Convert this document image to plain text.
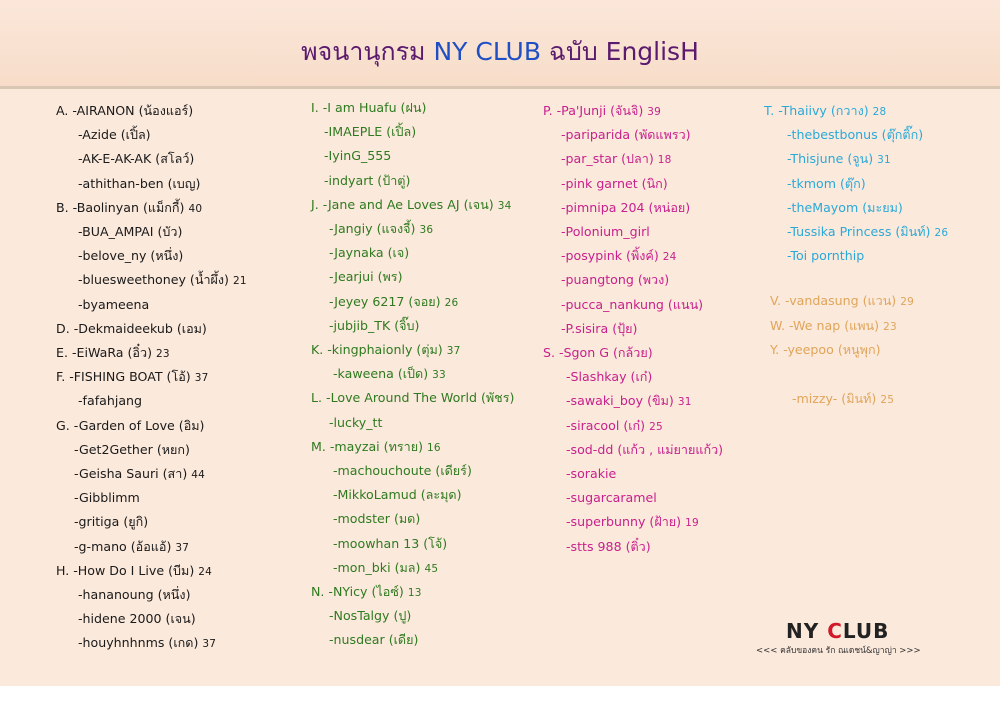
พจนานุกรม NY CLUB ฉบับ EnglisH
A. -AIRANON (น้องแอร์)
-Azide (เปิ้ล)
-AK-E-AK-AK (สโลว์)
-athithan-ben (เบญ)
B. -Baolinyan (แม็กกี้) 40
-BUA_AMPAI (บัว)
-belove_ny (หนึ่ง)
-bluesweethoney (น้ำผึ้ง) 21
-byameena
D. -Dekmaideekub (เอม)
E. -EiWaRa (อิ๋ว) 23
F. -FISHING BOAT (โอ้) 37
-fafahjang
G. -Garden of Love (อิม)
-Get2Gether (หยก)
-Geisha Sauri (สา) 44
-Gibblimm
-gritiga (ยูกิ)
-g-mano (อ้อแอ้) 37
H. -How Do I Live (บีม) 24
-hananoung (หนึ่ง)
-hidene 2000 (เจน)
-houyhnhnms (เกด) 37
I. -I am Huafu (ฝน)
-IMAEPLE (เปิ้ล)
-IyinG_555
-indyart (ป้าตู่)
J. -Jane and Ae Loves AJ (เจน) 34
-Jangiy (แจงจี้) 36
-Jaynaka (เจ)
-Jearjui (พร)
-Jeyey 6217 (จอย) 26
-jubjib_TK (จิ๊บ)
K. -kingphaionly (ตุ่ม) 37
-kaweena (เป็ด) 33
L. -Love Around The World (พัชร)
-lucky_tt
M. -mayzai (ทราย) 16
-machouchoute (เดียร์)
-MikkoLamud (ละมุด)
-modster (มด)
-moowhan 13 (โจ้)
-mon_bki (มล) 45
N. -NYicy (ไอซ์) 13
-NosTalgy (ปู)
-nusdear (เดีย)
P. -Pa'Junji (จันจิ) 39
-pariparida (พัดแพรว)
-par_star (ปลา) 18
-pink garnet (นิก)
-pimnipa 204 (หน่อย)
-Polonium_girl
-posypink (พิ้งค์) 24
-puangtong (พวง)
-pucca_nankung (แนน)
-P.sisira (ปุ้ย)
S. -Sgon G (กล้วย)
-Slashkay (เก๋)
-sawaki_boy (ขิม) 31
-siracool (เก๋) 25
-sod-dd (แก้ว , แม่ยายแก้ว)
-sorakie
-sugarcaramel
-superbunny (ฝ้าย) 19
-stts 988 (ติ๋ว)
T. -Thaiivy (กวาง) 28
-thebestbonus (ตุ๊กติ๊ก)
-Thisjune (จูน) 31
-tkmom (ตุ๊ก)
-theMayom (มะยม)
-Tussika Princess (มินท์) 26
-Toi pornthip
V. -vandasung (แวน) 29
W. -We nap (แพน) 23
Y. -yeepoo (หนูพุก)
-mizzy- (มินท์) 25
NY CLUB
<<< คลับของคน รัก ณเดชน์&ญาญ่า >>>
